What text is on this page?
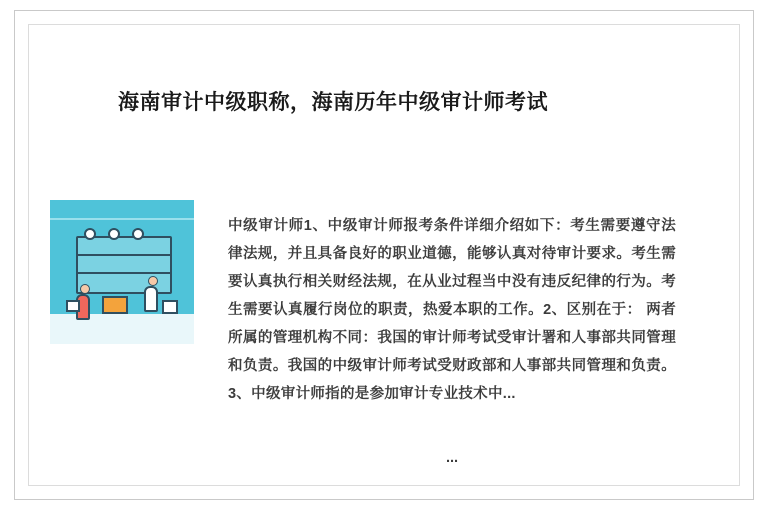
海南审计中级职称，海南历年中级审计师考试
中级审计师1、中级审计师报考条件详细介绍如下：考生需要遵守法律法规，并且具备良好的职业道德，能够认真对待审计要求。考生需要认真执行相关财经法规，在从业过程当中没有违反纪律的行为。考生需要认真履行岗位的职责，热爱本职的工作。2、区别在于： 两者所属的管理机构不同：我国的审计师考试受审计署和人事部共同管理和负责。我国的中级审计师考试受财政部和人事部共同管理和负责。3、中级审计师指的是参加审计专业技术中...
...
